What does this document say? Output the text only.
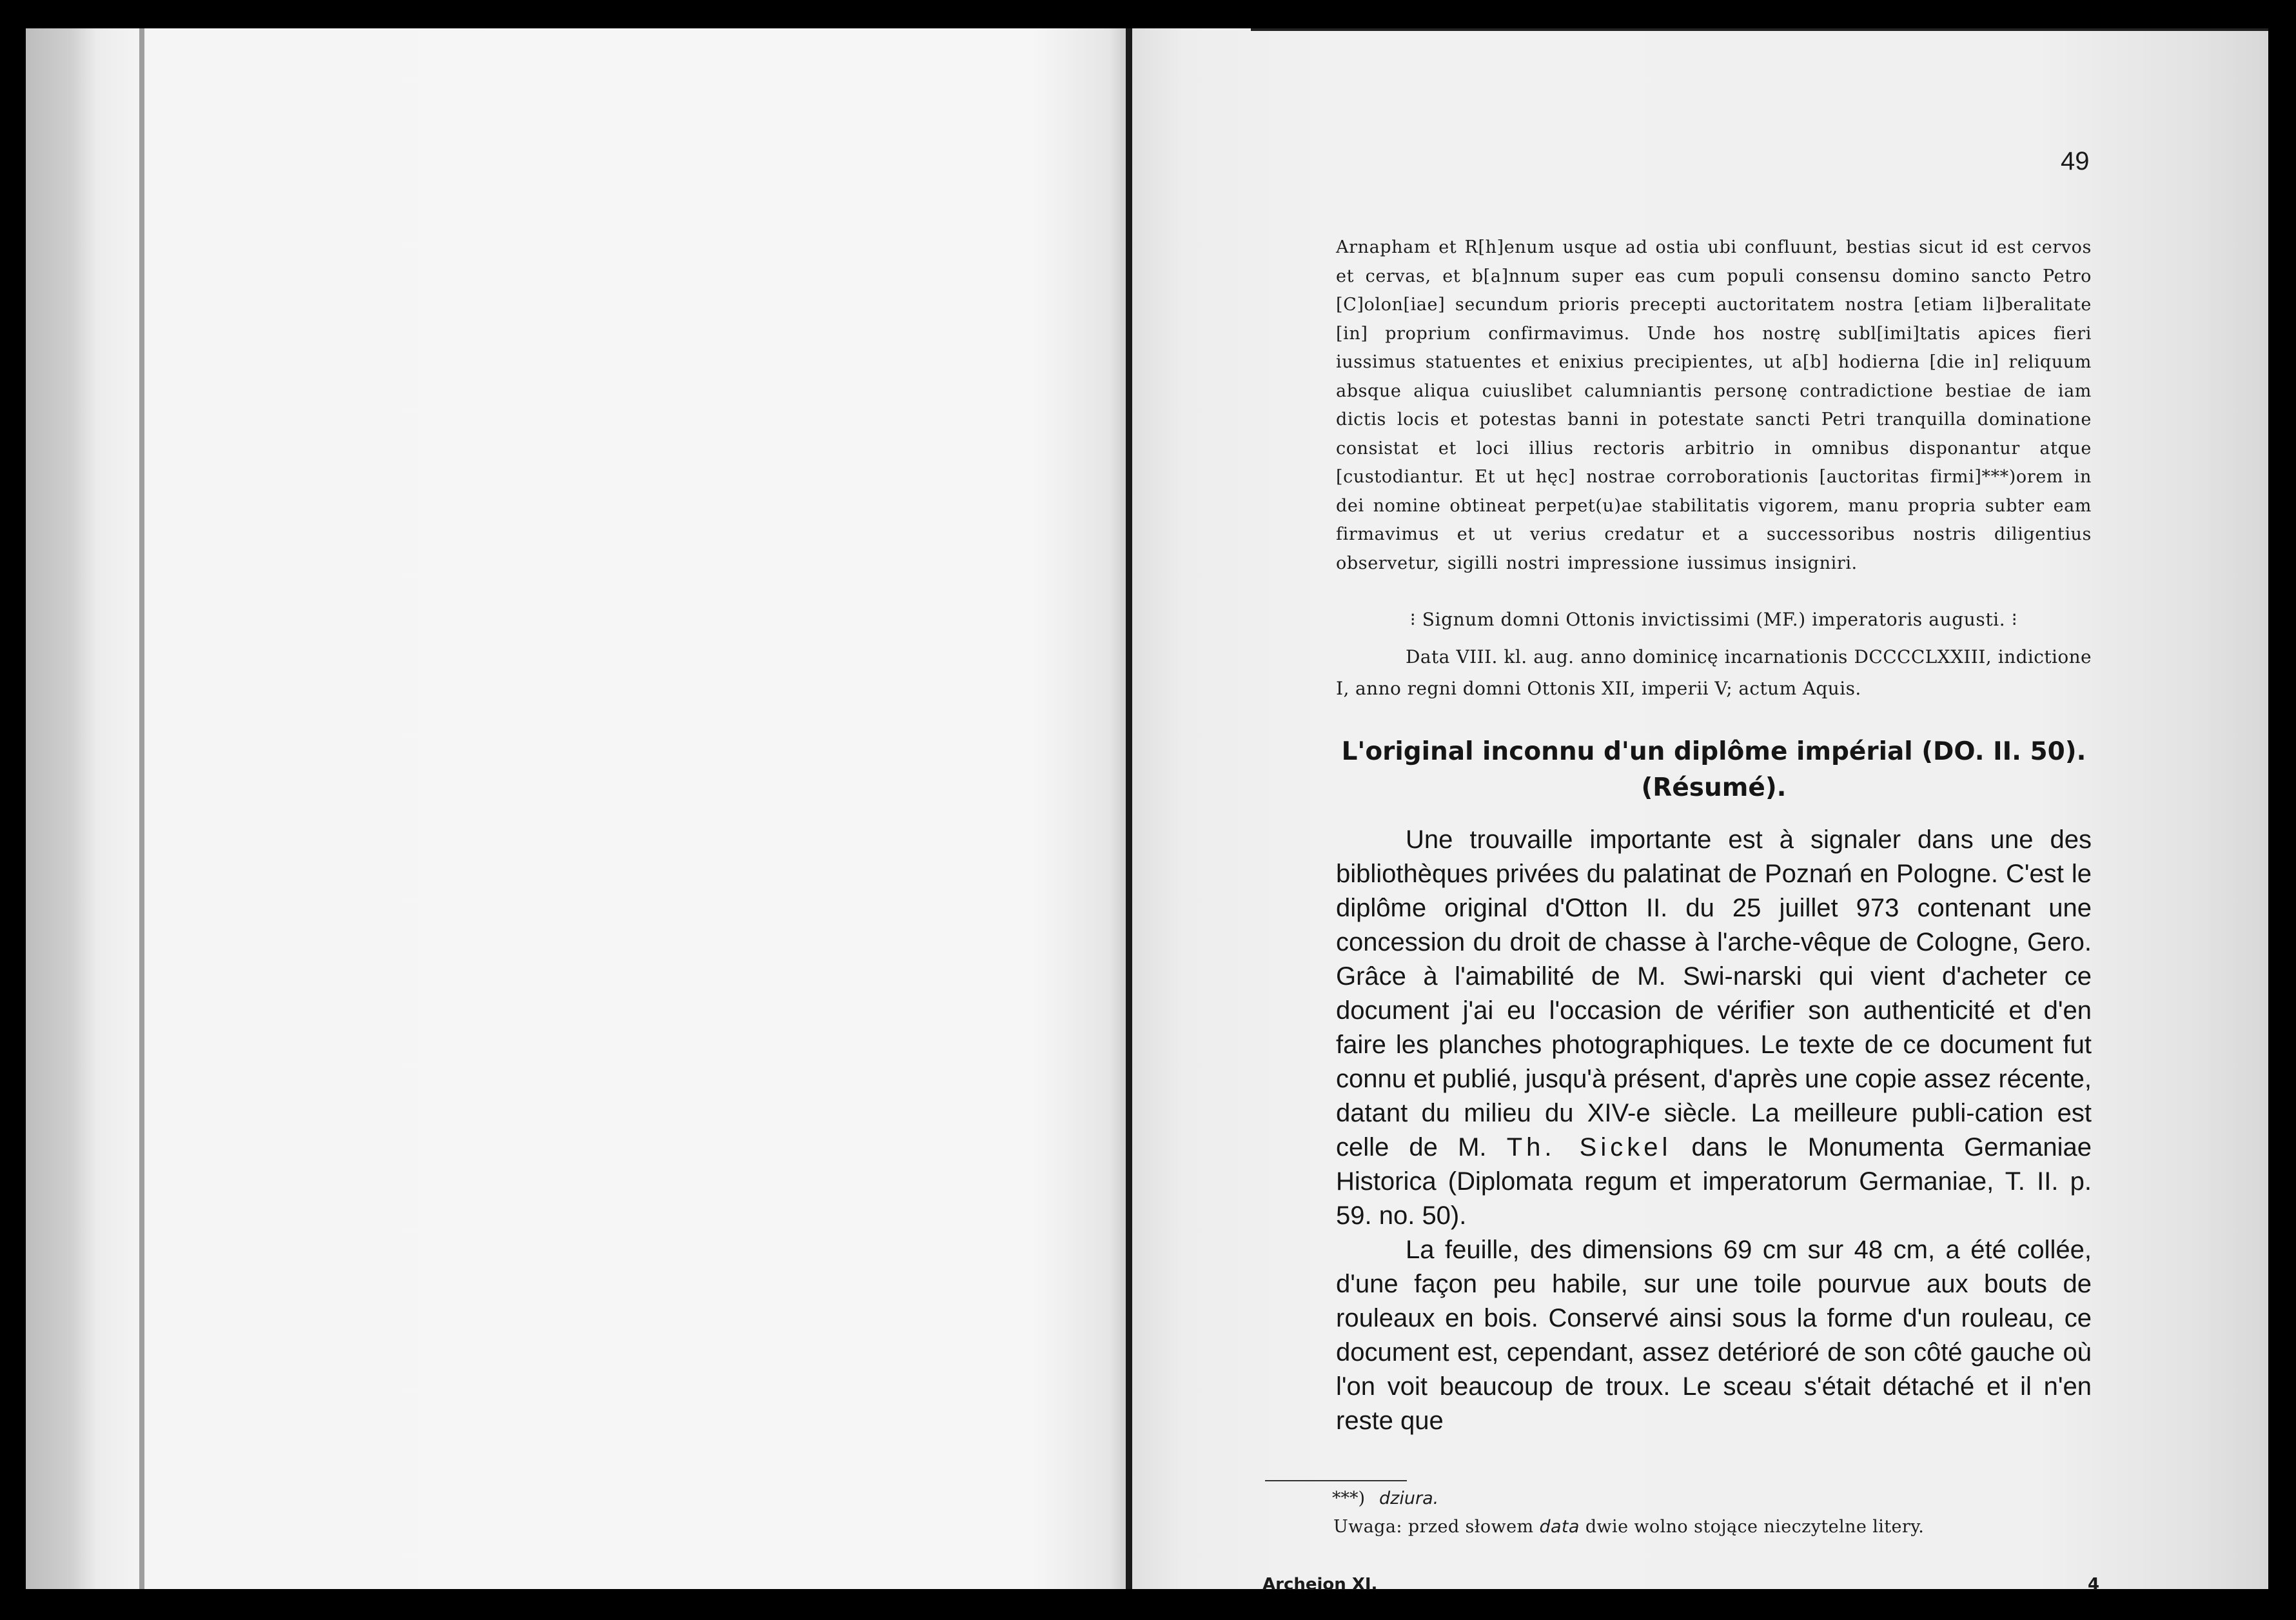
49
Arnapham et R[h]enum usque ad ostia ubi confluunt, bestias sicut id est cervos et cervas, et b[a]nnum super eas cum populi consensu domino sancto Petro [C]olon[iae] secundum prioris precepti auctoritatem nostra [etiam li]beralitate [in] proprium confirmavimus. Unde hos nostrę subl[imi]tatis apices fieri iussimus statuentes et enixius precipientes, ut a[b] hodierna [die in] reliquum absque aliqua cuiuslibet calumniantis personę contradictione bestiae de iam dictis locis et potestas banni in potestate sancti Petri tranquilla dominatione consistat et loci illius rectoris arbitrio in omnibus disponantur atque [custodiantur. Et ut hęc] nostrae corroborationis [auctoritas firmi]***)orem in dei nomine obtineat perpet(u)ae stabilitatis vigorem, manu propria subter eam firmavimus et ut verius credatur et a successoribus nostris diligentius observetur, sigilli nostri impressione iussimus insigniri.
⁝ Signum domni Ottonis invictissimi (MF.) imperatoris augusti. ⁝
Data VIII. kl. aug. anno dominicę incarnationis DCCCCLXXIII, indictione I, anno regni domni Ottonis XII, imperii V; actum Aquis.
L'original inconnu d'un diplôme impérial (DO. II. 50).
(Résumé).

Une trouvaille importante est à signaler dans une des bibliothèques privées du palatinat de Poznań en Pologne. C'est le diplôme original d'Otton II. du 25 juillet 973 contenant une concession du droit de chasse à l'arche-vêque de Cologne, Gero. Grâce à l'aimabilité de M. Swi-narski qui vient d'acheter ce document j'ai eu l'occasion de vérifier son authenticité et d'en faire les planches photographiques. Le texte de ce document fut connu et publié, jusqu'à présent, d'après une copie assez récente, datant du milieu du XIV-e siècle. La meilleure publi-cation est celle de M. Th. Sickel dans le Monumenta Germaniae Historica (Diplomata regum et imperatorum Germaniae, T. II. p. 59. no. 50).

La feuille, des dimensions 69 cm sur 48 cm, a été collée, d'une façon peu habile, sur une toile pourvue aux bouts de rouleaux en bois. Conservé ainsi sous la forme d'un rouleau, ce document est, cependant, assez detérioré de son côté gauche où l'on voit beaucoup de troux. Le sceau s'était détaché et il n'en reste que

***) dziura.
Uwaga: przed słowem data dwie wolno stojące nieczytelne litery.
Archeion XI.	4
